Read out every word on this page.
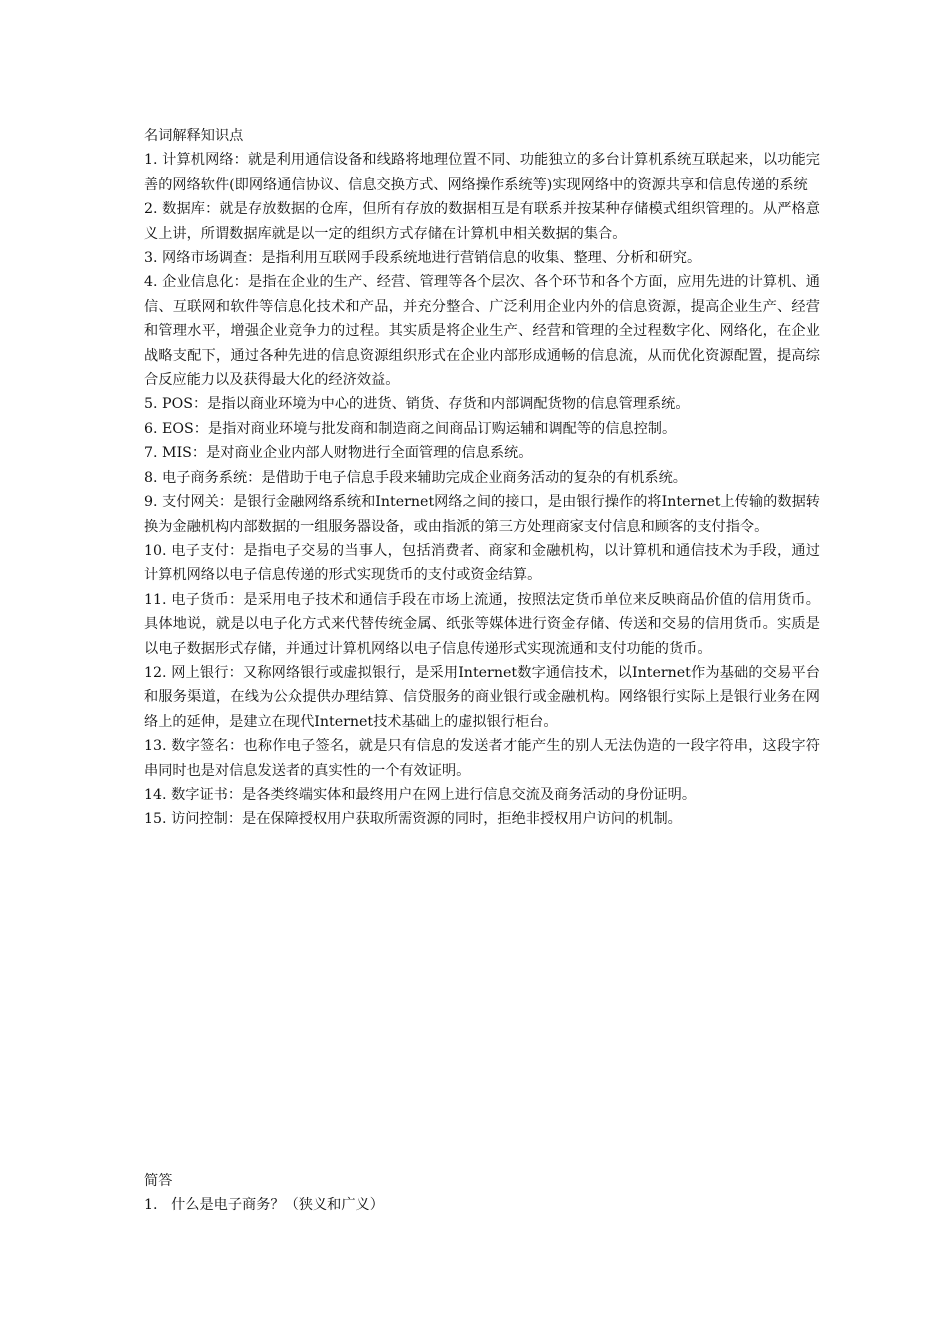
名词解释知识点

1. 计算机网络：就是利用通信设备和线路将地理位置不同、功能独立的多台计算机系统互联起来，以功能完善的网络软件(即网络通信协议、信息交换方式、网络操作系统等)实现网络中的资源共享和信息传递的系统

2. 数据库：就是存放数据的仓库，但所有存放的数据相互是有联系并按某种存储模式组织管理的。从严格意义上讲，所谓数据库就是以一定的组织方式存储在计算机申相关数据的集合。

3. 网络市场调查：是指利用互联网手段系统地进行营销信息的收集、整理、分析和研究。

4. 企业信息化：是指在企业的生产、经营、管理等各个层次、各个环节和各个方面，应用先进的计算机、通信、互联网和软件等信息化技术和产品，并充分整合、广泛利用企业内外的信息资源，提高企业生产、经营和管理水平，增强企业竞争力的过程。其实质是将企业生产、经营和管理的全过程数字化、网络化，在企业战略支配下，通过各种先进的信息资源组织形式在企业内部形成通畅的信息流，从而优化资源配置，提高综合反应能力以及获得最大化的经济效益。

5. POS：是指以商业环境为中心的进货、销货、存货和内部调配货物的信息管理系统。

6. EOS：是指对商业环境与批发商和制造商之间商品订购运辅和调配等的信息控制。

7. MIS：是对商业企业内部人财物进行全面管理的信息系统。

8. 电子商务系统：是借助于电子信息手段来辅助完成企业商务活动的复杂的有机系统。

9. 支付网关：是银行金融网络系统和Internet网络之间的接口，是由银行操作的将Internet上传输的数据转换为金融机构内部数据的一组服务器设备，或由指派的第三方处理商家支付信息和顾客的支付指令。

10. 电子支付：是指电子交易的当事人，包括消费者、商家和金融机构，以计算机和通信技术为手段，通过计算机网络以电子信息传递的形式实现货币的支付或资金结算。

11. 电子货币：是采用电子技术和通信手段在市场上流通，按照法定货币单位来反映商品价值的信用货币。具体地说，就是以电子化方式来代替传统金属、纸张等媒体进行资金存储、传送和交易的信用货币。实质是以电子数据形式存储，并通过计算机网络以电子信息传递形式实现流通和支付功能的货币。

12. 网上银行：又称网络银行或虚拟银行，是采用Internet数字通信技术，以Internet作为基础的交易平台和服务渠道，在线为公众提供办理结算、信贷服务的商业银行或金融机构。网络银行实际上是银行业务在网络上的延伸，是建立在现代Internet技术基础上的虚拟银行柜台。

13. 数字签名：也称作电子签名，就是只有信息的发送者才能产生的别人无法伪造的一段字符串，这段字符串同时也是对信息发送者的真实性的一个有效证明。

14. 数字证书：是各类终端实体和最终用户在网上进行信息交流及商务活动的身份证明。

15. 访问控制：是在保障授权用户获取所需资源的同时，拒绝非授权用户访问的机制。

简答

1.   什么是电子商务？（狭义和广义）
